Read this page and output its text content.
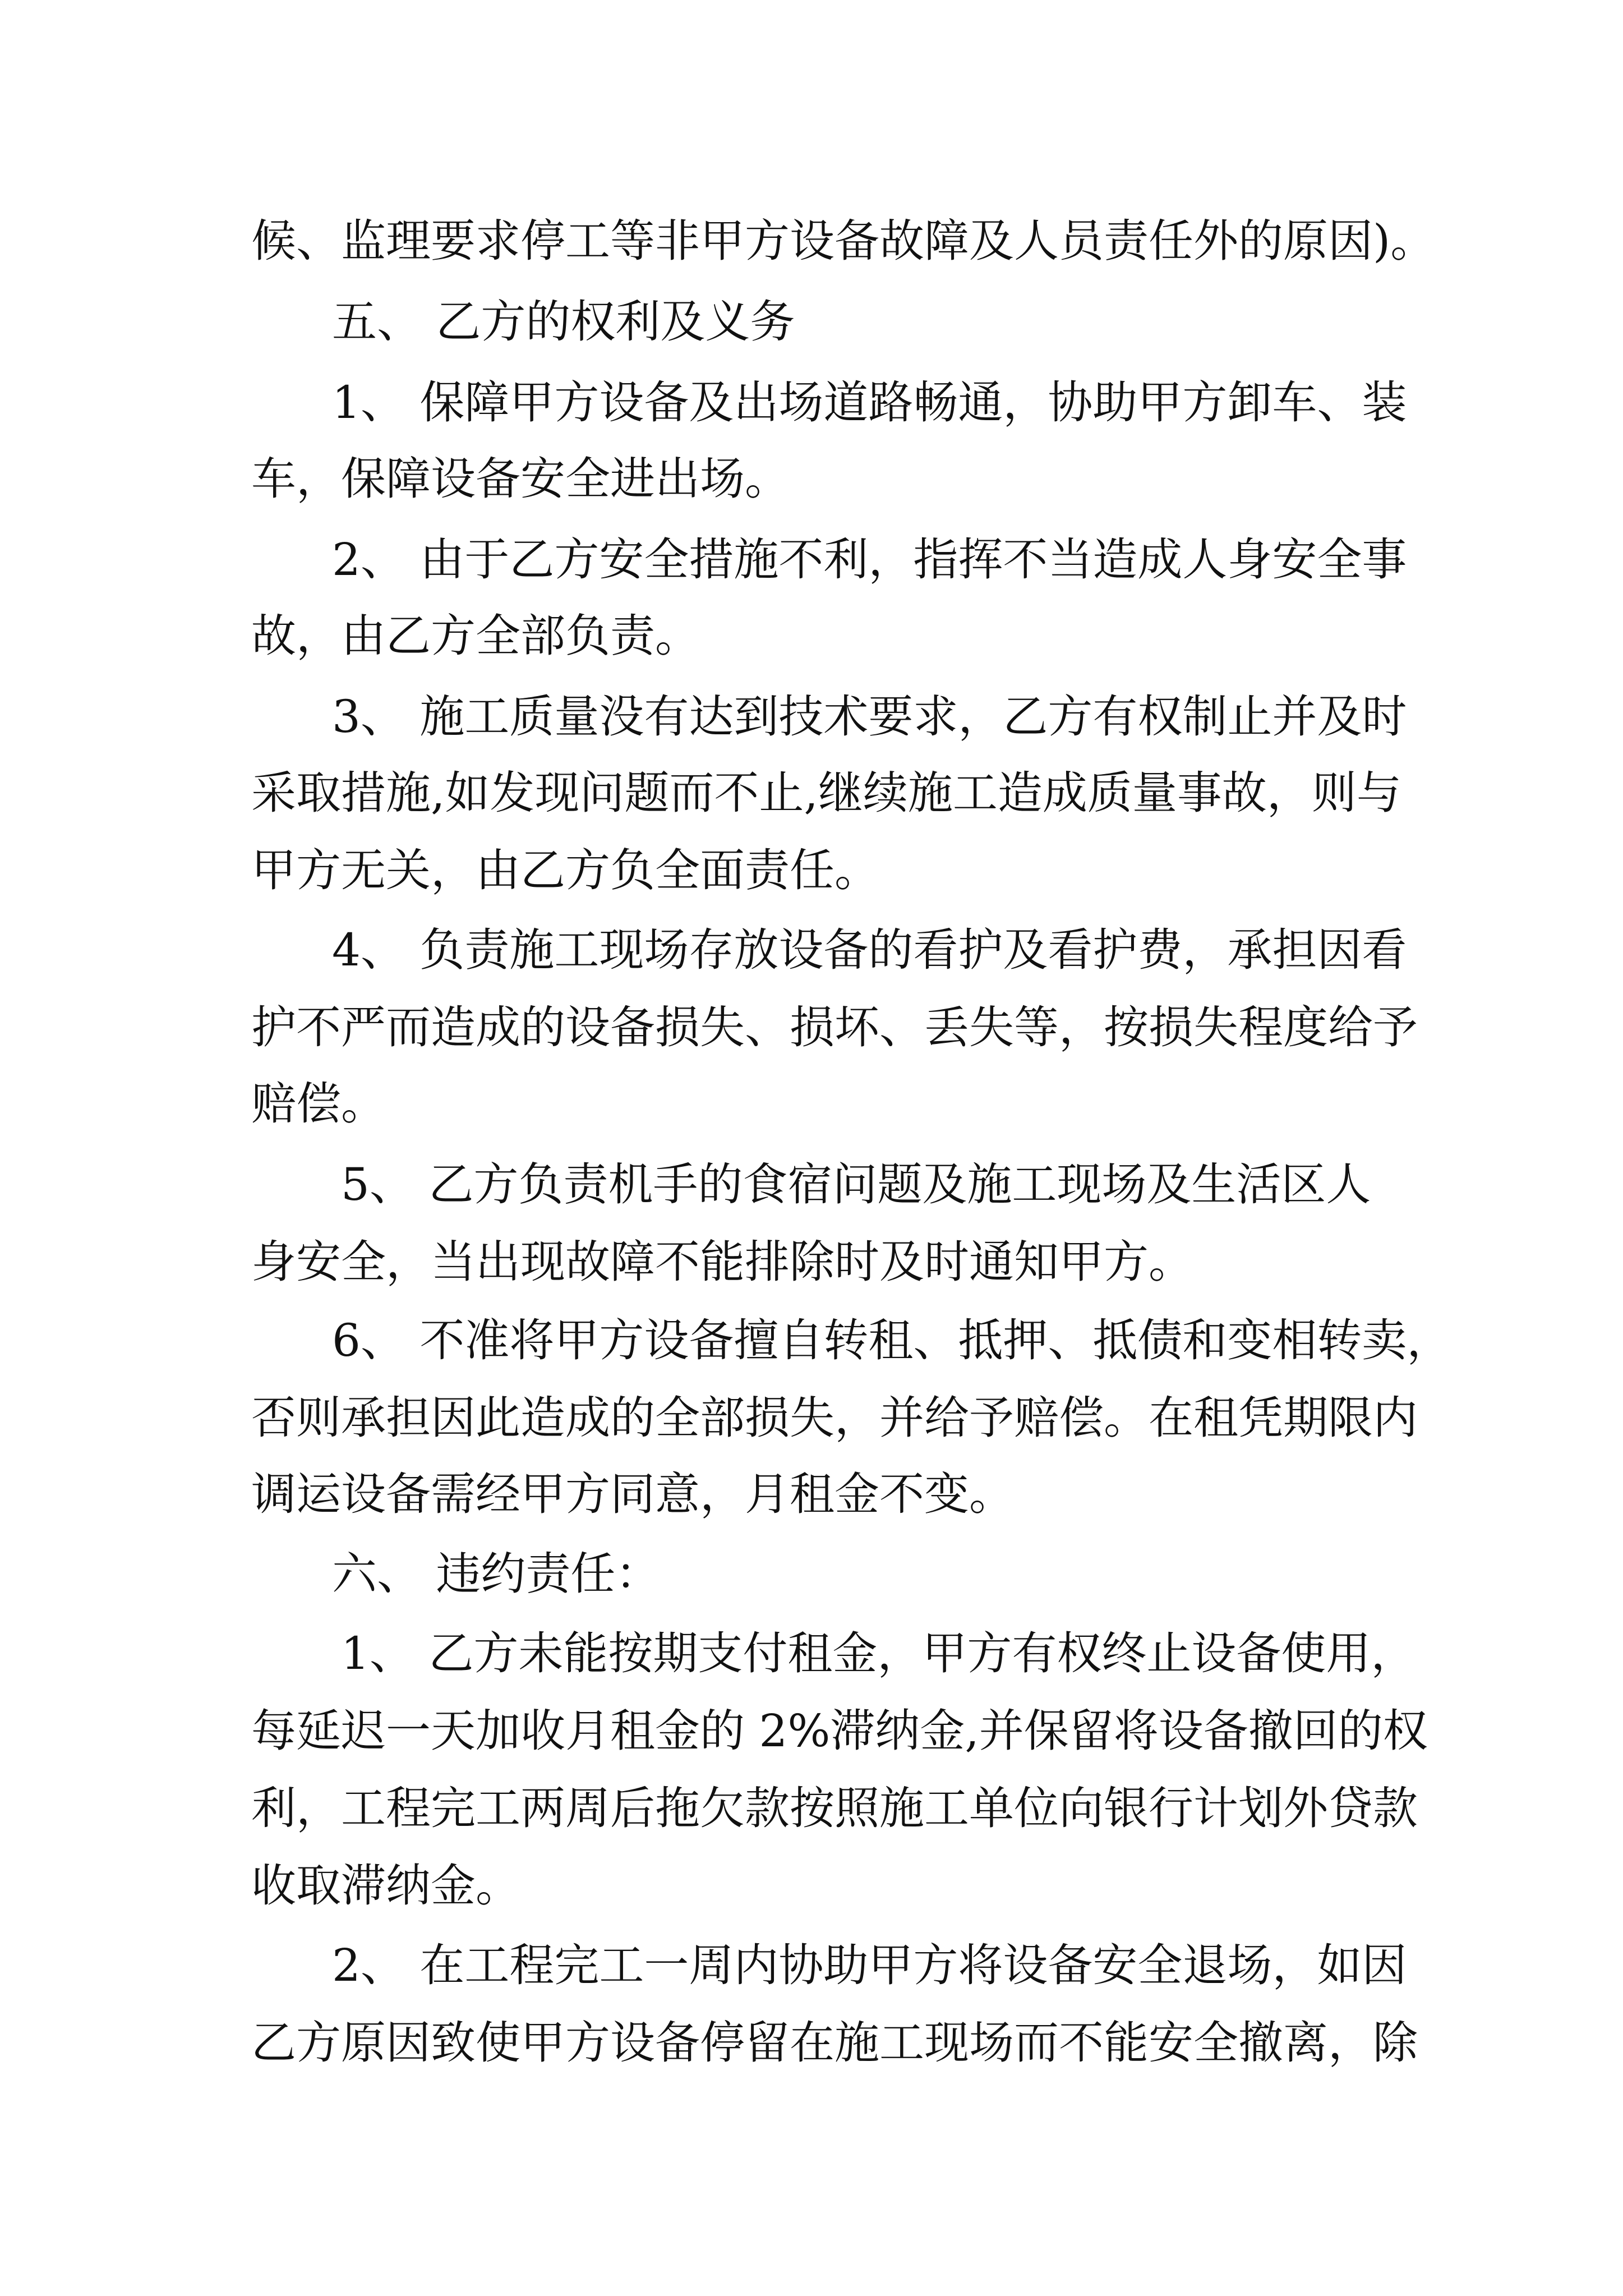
候、监理要求停工等非甲方设备故障及人员责任外的原因)。
五、 乙方的权利及义务
1、 保障甲方设备及出场道路畅通，协助甲方卸车、装
车，保障设备安全进出场。
2、 由于乙方安全措施不利，指挥不当造成人身安全事
故，由乙方全部负责。
3、 施工质量没有达到技术要求，乙方有权制止并及时
采取措施,如发现问题而不止,继续施工造成质量事故，则与
甲方无关，由乙方负全面责任。
4、 负责施工现场存放设备的看护及看护费，承担因看
护不严而造成的设备损失、损坏、丢失等，按损失程度给予
赔偿。
5、 乙方负责机手的食宿问题及施工现场及生活区人
身安全，当出现故障不能排除时及时通知甲方。
6、 不准将甲方设备擅自转租、抵押、抵债和变相转卖，
否则承担因此造成的全部损失，并给予赔偿。在租凭期限内
调运设备需经甲方同意，月租金不变。
六、 违约责任：
1、 乙方未能按期支付租金，甲方有权终止设备使用，
每延迟一天加收月租金的 2%滞纳金,并保留将设备撤回的权
利，工程完工两周后拖欠款按照施工单位向银行计划外贷款
收取滞纳金。
2、 在工程完工一周内协助甲方将设备安全退场，如因
乙方原因致使甲方设备停留在施工现场而不能安全撤离，除
